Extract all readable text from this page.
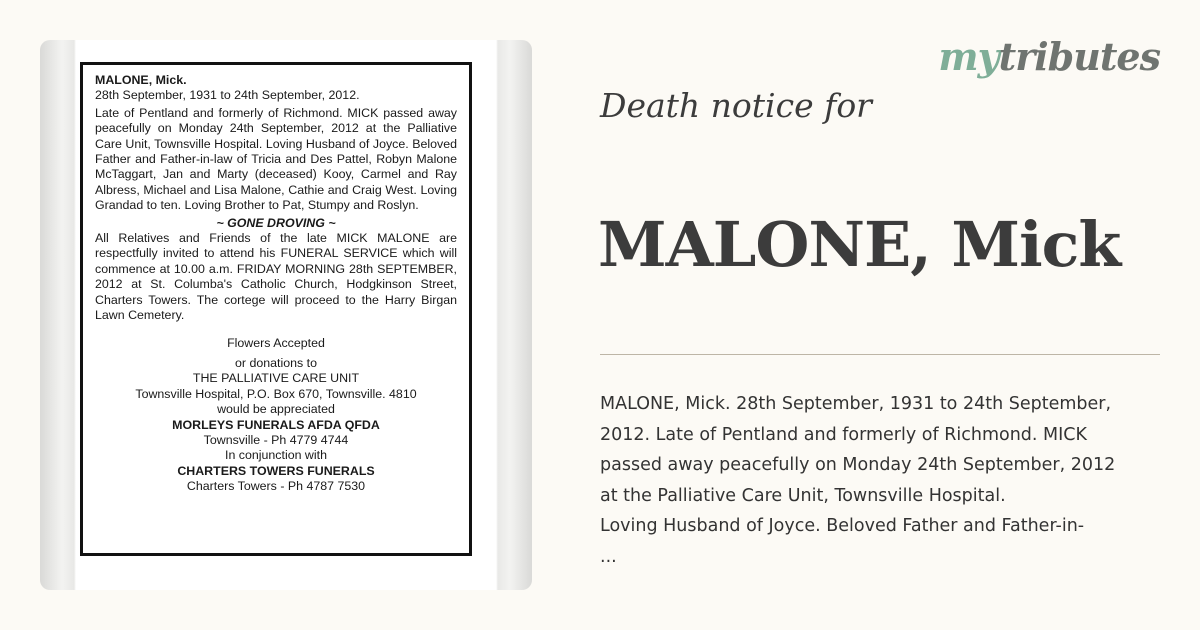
MALONE, Mick.

28th September, 1931 to 24th September, 2012.

Late of Pentland and formerly of Richmond. MICK passed away peacefully on Monday 24th September, 2012 at the Palliative Care Unit, Townsville Hospital. Loving Husband of Joyce. Beloved Father and Father-in-law of Tricia and Des Pattel, Robyn Malone McTaggart, Jan and Marty (deceased) Kooy, Carmel and Ray Albress, Michael and Lisa Malone, Cathie and Craig West. Loving Grandad to ten. Loving Brother to Pat, Stumpy and Roslyn.

~ GONE DROVING ~

All Relatives and Friends of the late MICK MALONE are respectfully invited to attend his FUNERAL SERVICE which will commence at 10.00 a.m. FRIDAY MORNING 28th SEPTEMBER, 2012 at St. Columba's Catholic Church, Hodgkinson Street, Charters Towers. The cortege will proceed to the Harry Birgan Lawn Cemetery.

Flowers Accepted

or donations to

THE PALLIATIVE CARE UNIT

Townsville Hospital, P.O. Box 670, Townsville. 4810

would be appreciated

MORLEYS FUNERALS AFDA QFDA

Townsville - Ph 4779 4744

In conjunction with

CHARTERS TOWERS FUNERALS

Charters Towers - Ph 4787 7530

mytributes
Death notice for
MALONE, Mick
MALONE, Mick. 28th September, 1931 to 24th September,
2012. Late of Pentland and formerly of Richmond. MICK
passed away peacefully on Monday 24th September, 2012
at the Palliative Care Unit, Townsville Hospital.
Loving Husband of Joyce. Beloved Father and Father-in-
...
